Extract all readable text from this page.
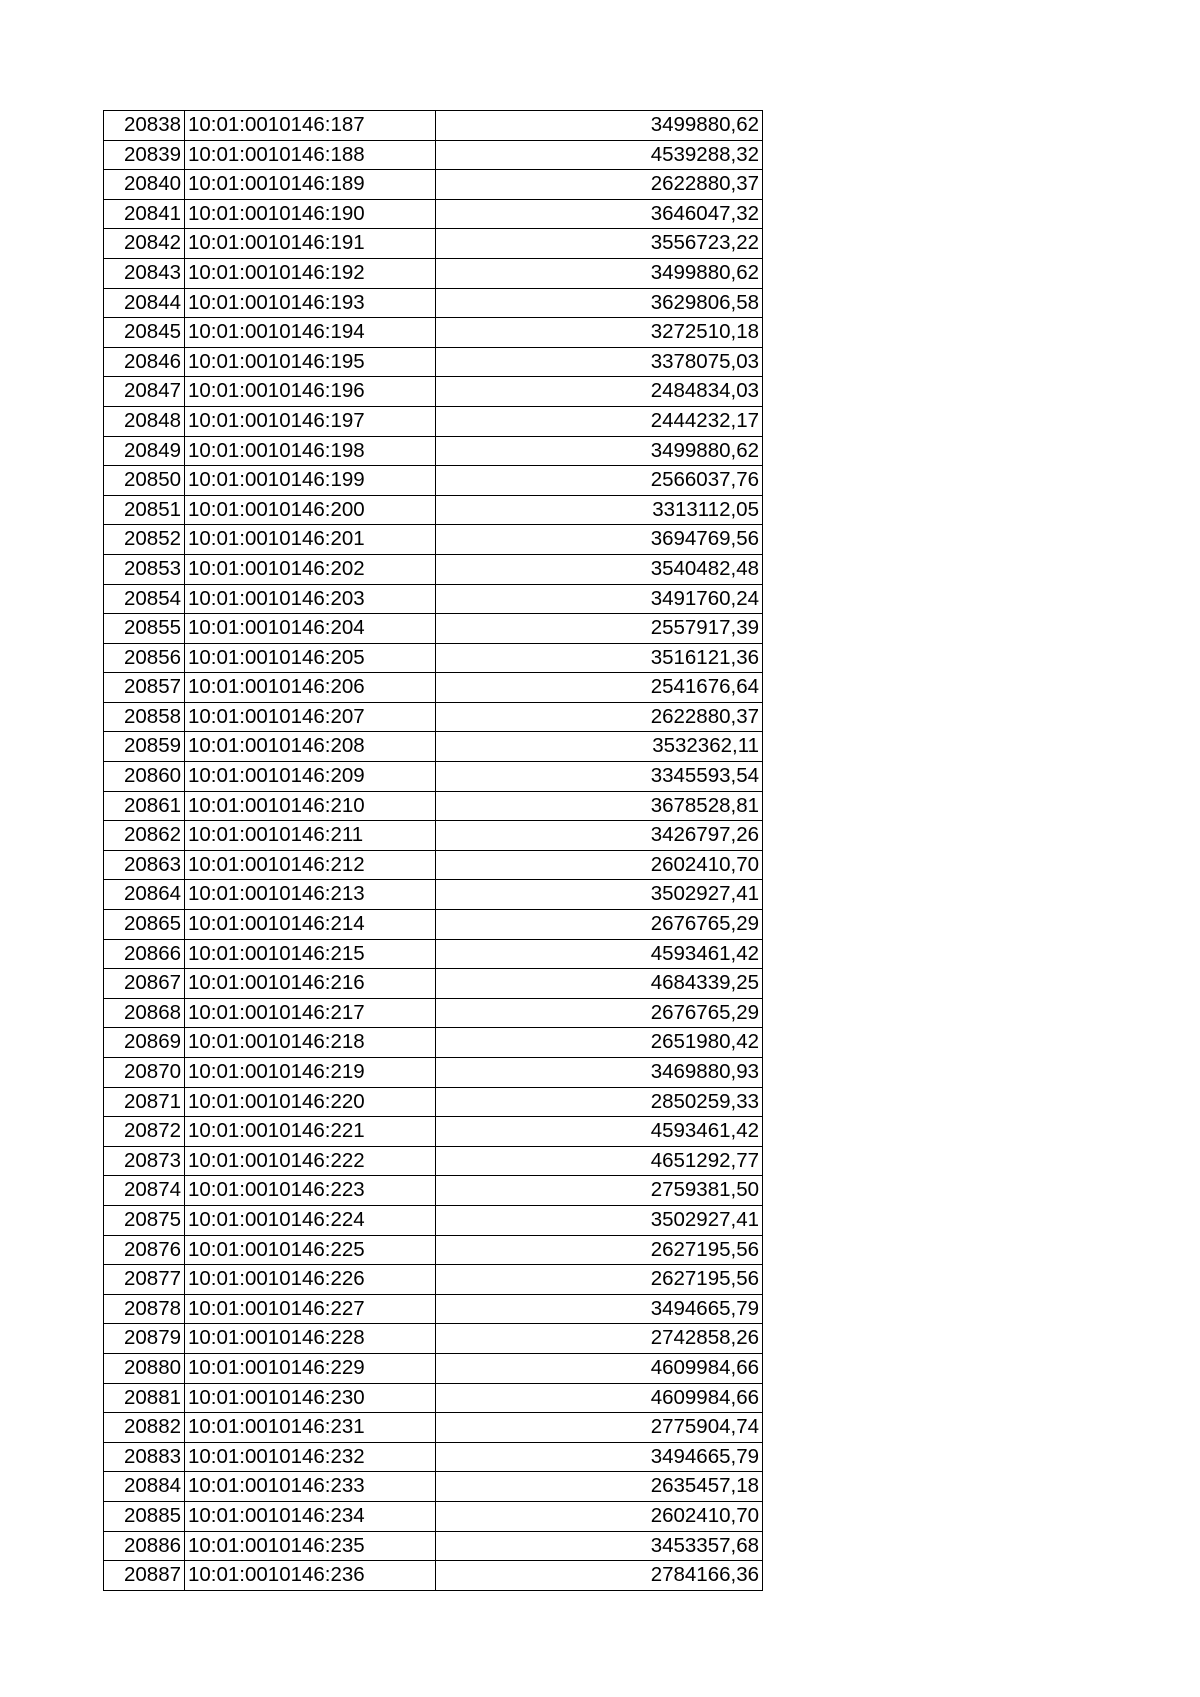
20838	10:01:0010146:187	3499880,62
20839	10:01:0010146:188	4539288,32
20840	10:01:0010146:189	2622880,37
20841	10:01:0010146:190	3646047,32
20842	10:01:0010146:191	3556723,22
20843	10:01:0010146:192	3499880,62
20844	10:01:0010146:193	3629806,58
20845	10:01:0010146:194	3272510,18
20846	10:01:0010146:195	3378075,03
20847	10:01:0010146:196	2484834,03
20848	10:01:0010146:197	2444232,17
20849	10:01:0010146:198	3499880,62
20850	10:01:0010146:199	2566037,76
20851	10:01:0010146:200	3313112,05
20852	10:01:0010146:201	3694769,56
20853	10:01:0010146:202	3540482,48
20854	10:01:0010146:203	3491760,24
20855	10:01:0010146:204	2557917,39
20856	10:01:0010146:205	3516121,36
20857	10:01:0010146:206	2541676,64
20858	10:01:0010146:207	2622880,37
20859	10:01:0010146:208	3532362,11
20860	10:01:0010146:209	3345593,54
20861	10:01:0010146:210	3678528,81
20862	10:01:0010146:211	3426797,26
20863	10:01:0010146:212	2602410,70
20864	10:01:0010146:213	3502927,41
20865	10:01:0010146:214	2676765,29
20866	10:01:0010146:215	4593461,42
20867	10:01:0010146:216	4684339,25
20868	10:01:0010146:217	2676765,29
20869	10:01:0010146:218	2651980,42
20870	10:01:0010146:219	3469880,93
20871	10:01:0010146:220	2850259,33
20872	10:01:0010146:221	4593461,42
20873	10:01:0010146:222	4651292,77
20874	10:01:0010146:223	2759381,50
20875	10:01:0010146:224	3502927,41
20876	10:01:0010146:225	2627195,56
20877	10:01:0010146:226	2627195,56
20878	10:01:0010146:227	3494665,79
20879	10:01:0010146:228	2742858,26
20880	10:01:0010146:229	4609984,66
20881	10:01:0010146:230	4609984,66
20882	10:01:0010146:231	2775904,74
20883	10:01:0010146:232	3494665,79
20884	10:01:0010146:233	2635457,18
20885	10:01:0010146:234	2602410,70
20886	10:01:0010146:235	3453357,68
20887	10:01:0010146:236	2784166,36
